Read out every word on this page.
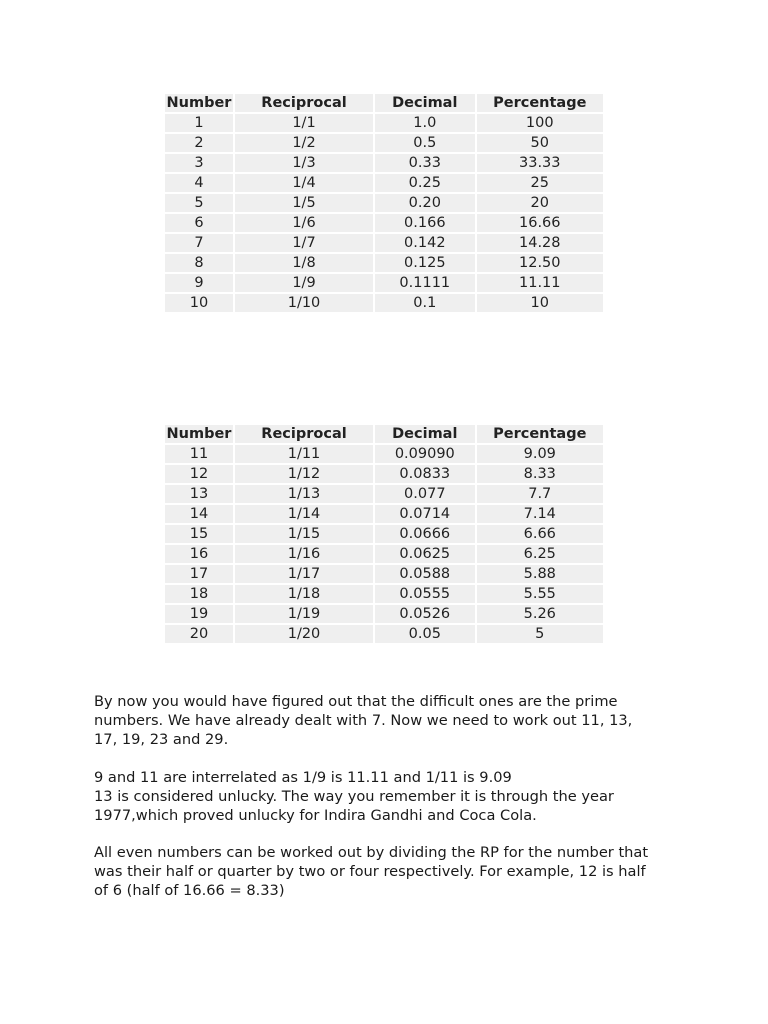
Number	Reciprocal	Decimal	Percentage
1	1/1	1.0	100
2	1/2	0.5	50
3	1/3	0.33	33.33
4	1/4	0.25	25
5	1/5	0.20	20
6	1/6	0.166	16.66
7	1/7	0.142	14.28
8	1/8	0.125	12.50
9	1/9	0.1111	11.11
10	1/10	0.1	10
Number	Reciprocal	Decimal	Percentage
11	1/11	0.09090	9.09
12	1/12	0.0833	8.33
13	1/13	0.077	7.7
14	1/14	0.0714	7.14
15	1/15	0.0666	6.66
16	1/16	0.0625	6.25
17	1/17	0.0588	5.88
18	1/18	0.0555	5.55
19	1/19	0.0526	5.26
20	1/20	0.05	5

By now you would have figured out that the difficult ones are the prime
numbers. We have already dealt with 7. Now we need to work out 11, 13,
17, 19, 23 and 29.

9 and 11 are interrelated as 1/9 is 11.11 and 1/11 is 9.09
13 is considered unlucky. The way you remember it is through the year
1977,which proved unlucky for Indira Gandhi and Coca Cola.

All even numbers can be worked out by dividing the RP for the number that
was their half or quarter by two or four respectively. For example, 12 is half
of 6 (half of 16.66 = 8.33)
